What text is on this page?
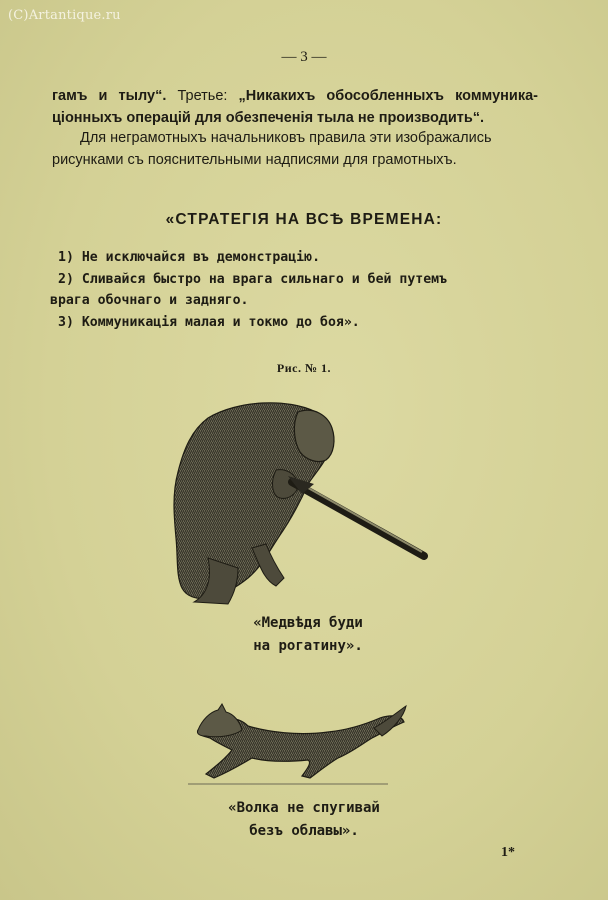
(C)Artantique.ru
— 3 —
гамъ и тылу“. Третье: „Никакихъ обособленныхъ коммуника-ціонныхъ операцій для обезпеченія тыла не производить“.
Для неграмотныхъ начальниковъ правила эти изображались рисунками съ пояснительными надписями для грамотныхъ.
«СТРАТЕГІЯ НА ВСѢ ВРЕМЕНА:
1) Не исключайся въ демонстрацію.
2) Сливайся быстро на врага сильнаго и бей путемъ
врага обочнаго и задняго.
3) Коммуникація малая и токмо до боя».
Рис. № 1.
«Медвѣдя буди
на рогатину».
«Волка не спугивай
безъ облавы».
1*
